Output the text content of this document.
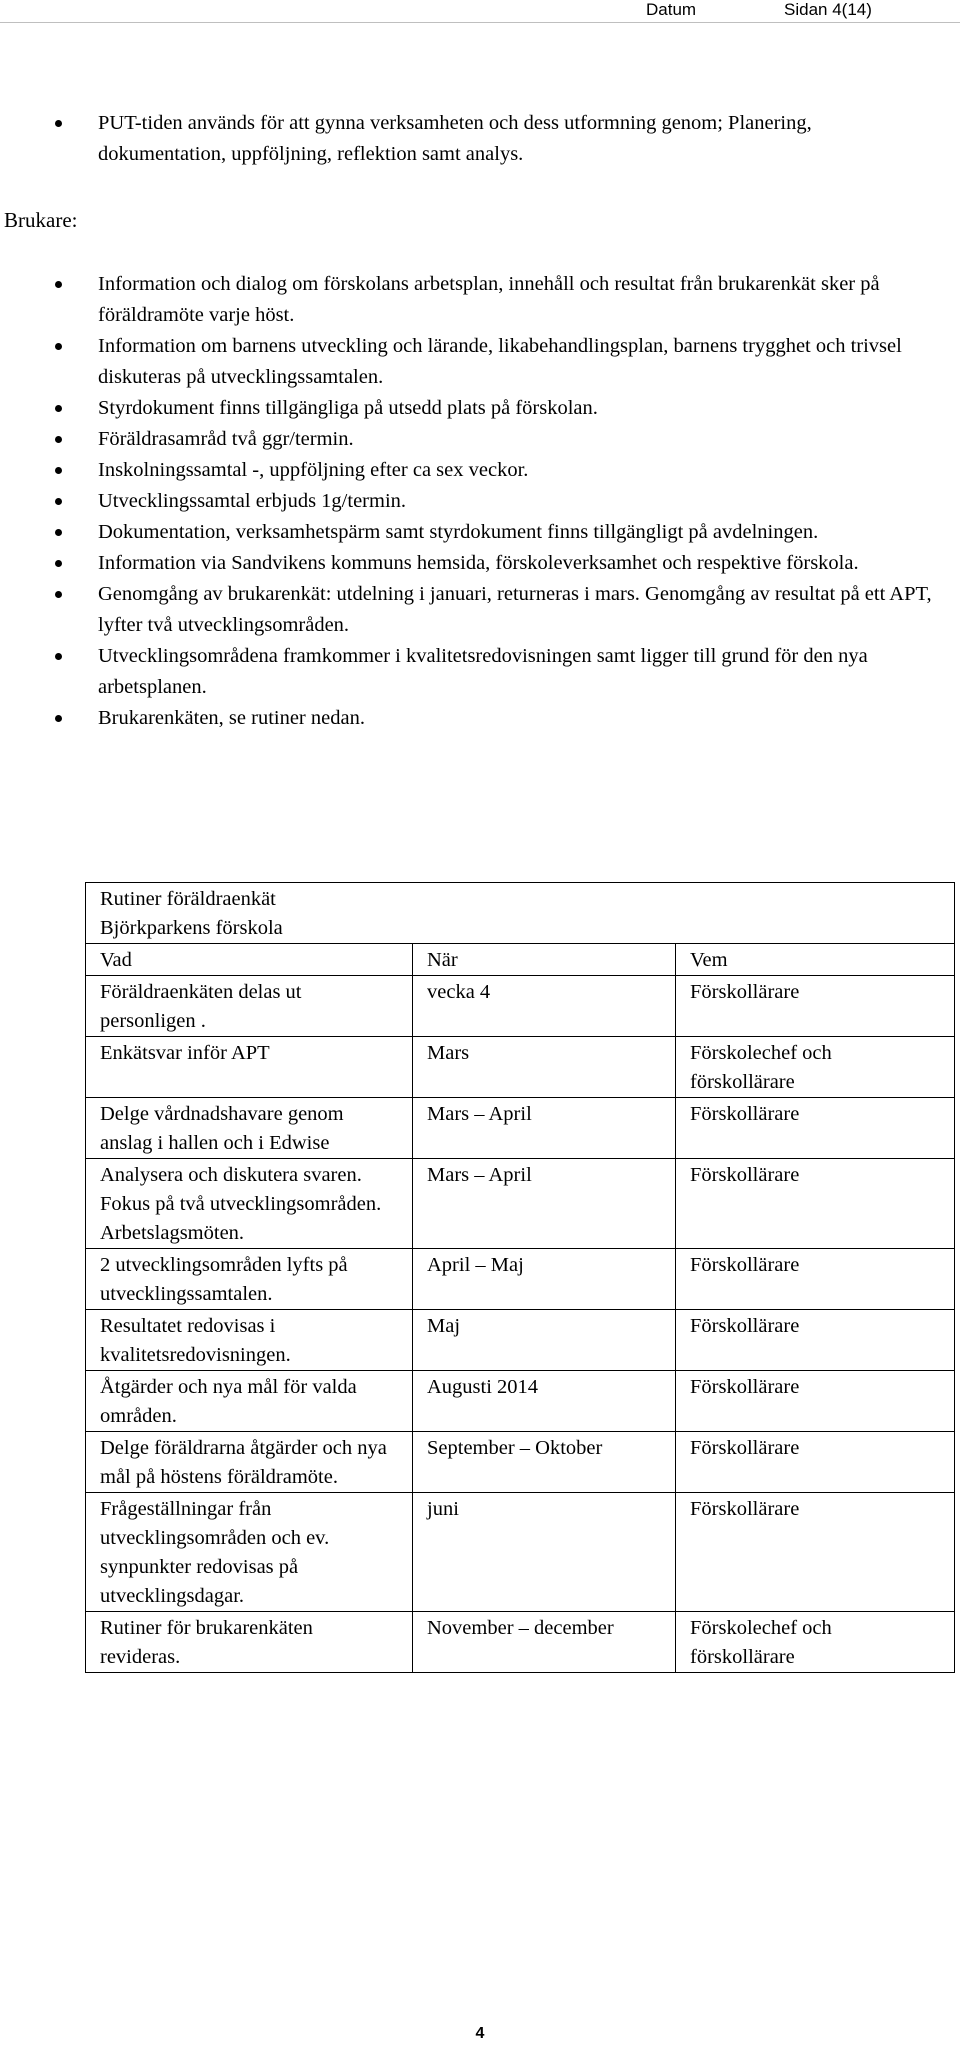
Datum	Sidan 4(14)
PUT-tiden används för att gynna verksamheten och dess utformning genom; Planering, dokumentation, uppföljning, reflektion samt analys.
Brukare:
Information och dialog om förskolans arbetsplan, innehåll och resultat från brukarenkät sker på föräldramöte varje höst.
Information om barnens utveckling och lärande, likabehandlingsplan, barnens trygghet och trivsel diskuteras på utvecklingssamtalen.
Styrdokument finns tillgängliga på utsedd plats på förskolan.
Föräldrasamråd två ggr/termin.
Inskolningssamtal -, uppföljning efter ca sex veckor.
Utvecklingssamtal erbjuds 1g/termin.
Dokumentation, verksamhetspärm samt styrdokument finns tillgängligt på avdelningen.
Information via Sandvikens kommuns hemsida, förskoleverksamhet och respektive förskola.
Genomgång av brukarenkät: utdelning i januari, returneras i mars. Genomgång av resultat på ett APT, lyfter två utvecklingsområden.
Utvecklingsområdena framkommer i kvalitetsredovisningen samt ligger till grund för den nya arbetsplanen.
Brukarenkäten, se rutiner nedan.
Rutiner föräldraenkät
Björkparkens förskola		

Vad	När	Vem
Föräldraenkäten delas ut personligen .	vecka 4	Förskollärare
Enkätsvar inför APT	Mars	Förskolechef och förskollärare
Delge vårdnadshavare genom anslag i hallen och i Edwise	Mars – April	Förskollärare
Analysera och diskutera svaren. Fokus på två utvecklingsområden. Arbetslagsmöten.	Mars – April	Förskollärare
2 utvecklingsområden lyfts på utvecklingssamtalen.	April – Maj	Förskollärare
Resultatet redovisas i kvalitetsredovisningen.	Maj	Förskollärare
Åtgärder och nya mål för valda områden.	Augusti 2014	Förskollärare
Delge föräldrarna åtgärder och nya mål på höstens föräldramöte.	September – Oktober	Förskollärare
Frågeställningar från utvecklingsområden och ev. synpunkter redovisas på utvecklingsdagar.	juni	Förskollärare
Rutiner för brukarenkäten revideras.	November – december	Förskolechef och förskollärare
4
